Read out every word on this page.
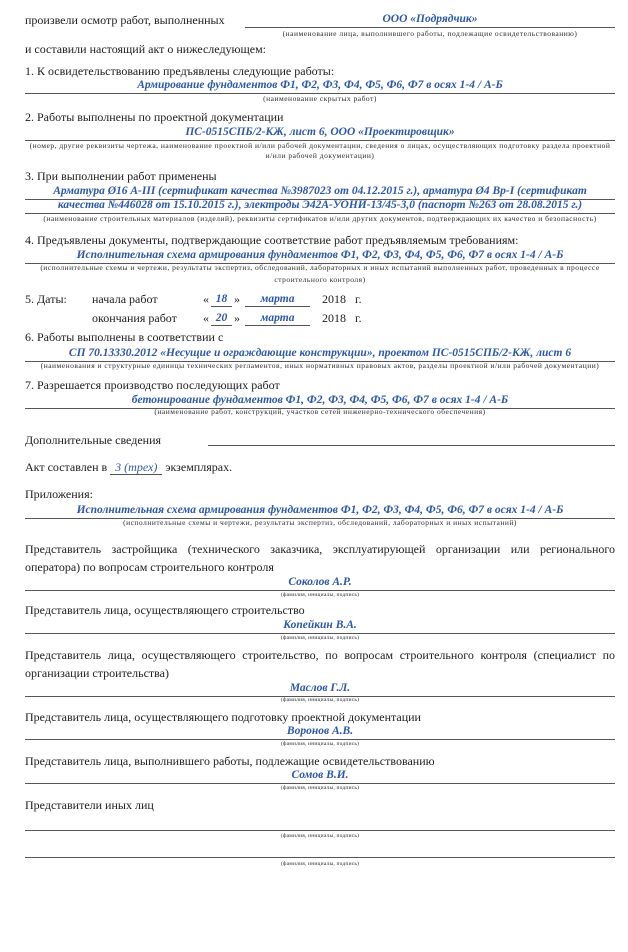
произвели осмотр работ, выполненных	ООО «Подрядчик»
(наименование лица, выполнившего работы, подлежащие освидетельствованию)
и составили настоящий акт о нижеследующем:
1. К освидетельствованию предъявлены следующие работы:
Армирование фундаментов Ф1, Ф2, Ф3, Ф4, Ф5, Ф6, Ф7 в осях 1-4 / А-Б
(наименование скрытых работ)
2. Работы выполнены по проектной документации
ПС-0515СПБ/2-КЖ, лист 6, ООО «Проектировщик»
(номер, другие реквизиты чертежа, наименование проектной и/или рабочей документации, сведения о лицах, осуществляющих подготовку раздела проектной
и/или рабочей документации)
3. При выполнении работ применены
Арматура Ø16 А-III (сертификат качества №3987023 от 04.12.2015 г.), арматура Ø4 Вр-I (сертификат
качества №446028 от 15.10.2015 г.), электроды Э42А-УОНИ-13/45-3,0 (паспорт №263 от 28.08.2015 г.)
(наименование строительных материалов (изделий), реквизиты сертификатов и/или других документов, подтверждающих их качество и безопасность)
4. Предъявлены документы, подтверждающие соответствие работ предъявляемым требованиям:
Исполнительная схема армирования фундаментов Ф1, Ф2, Ф3, Ф4, Ф5, Ф6, Ф7 в осях 1-4 / А-Б
(исполнительные схемы и чертежи, результаты экспертиз, обследований, лабораторных и иных испытаний выполненных работ, проведенных в процессе
строительного контроля)
5. Даты: начала работ	« 18 »	марта	2018 г.
окончания работ « 20 »	марта	2018 г.
6. Работы выполнены в соответствии с
СП 70.13330.2012 «Несущие и ограждающие конструкции», проектом ПС-0515СПБ/2-КЖ, лист 6
(наименования и структурные единицы технических регламентов, иных нормативных правовых актов, разделы проектной и/или рабочей документации)
7. Разрешается производство последующих работ
бетонирование фундаментов Ф1, Ф2, Ф3, Ф4, Ф5, Ф6, Ф7 в осях 1-4 / А-Б
(наименование работ, конструкций, участков сетей инженерно-технического обеспечения)
Дополнительные сведения
Акт составлен в 3 (трех) экземплярах.
Приложения:
Исполнительная схема армирования фундаментов Ф1, Ф2, Ф3, Ф4, Ф5, Ф6, Ф7 в осях 1-4 / А-Б
(исполнительные схемы и чертежи, результаты экспертиз, обследований, лабораторных и иных испытаний)
Представитель застройщика (технического заказчика, эксплуатирующей организации или регионального
оператора) по вопросам строительного контроля
Соколов А.Р.
(фамилия, инициалы, подпись)
Представитель лица, осуществляющего строительство
Копейкин В.А.
(фамилия, инициалы, подпись)
Представитель лица, осуществляющего строительство, по вопросам строительного контроля (специалист по
организации строительства)
Маслов Г.Л.
(фамилия, инициалы, подпись)
Представитель лица, осуществляющего подготовку проектной документации
Воронов А.В.
(фамилия, инициалы, подпись)
Представитель лица, выполнившего работы, подлежащие освидетельствованию
Сомов В.И.
(фамилия, инициалы, подпись)
Представители иных лиц
(фамилия, инициалы, подпись)
(фамилия, инициалы, подпись)
